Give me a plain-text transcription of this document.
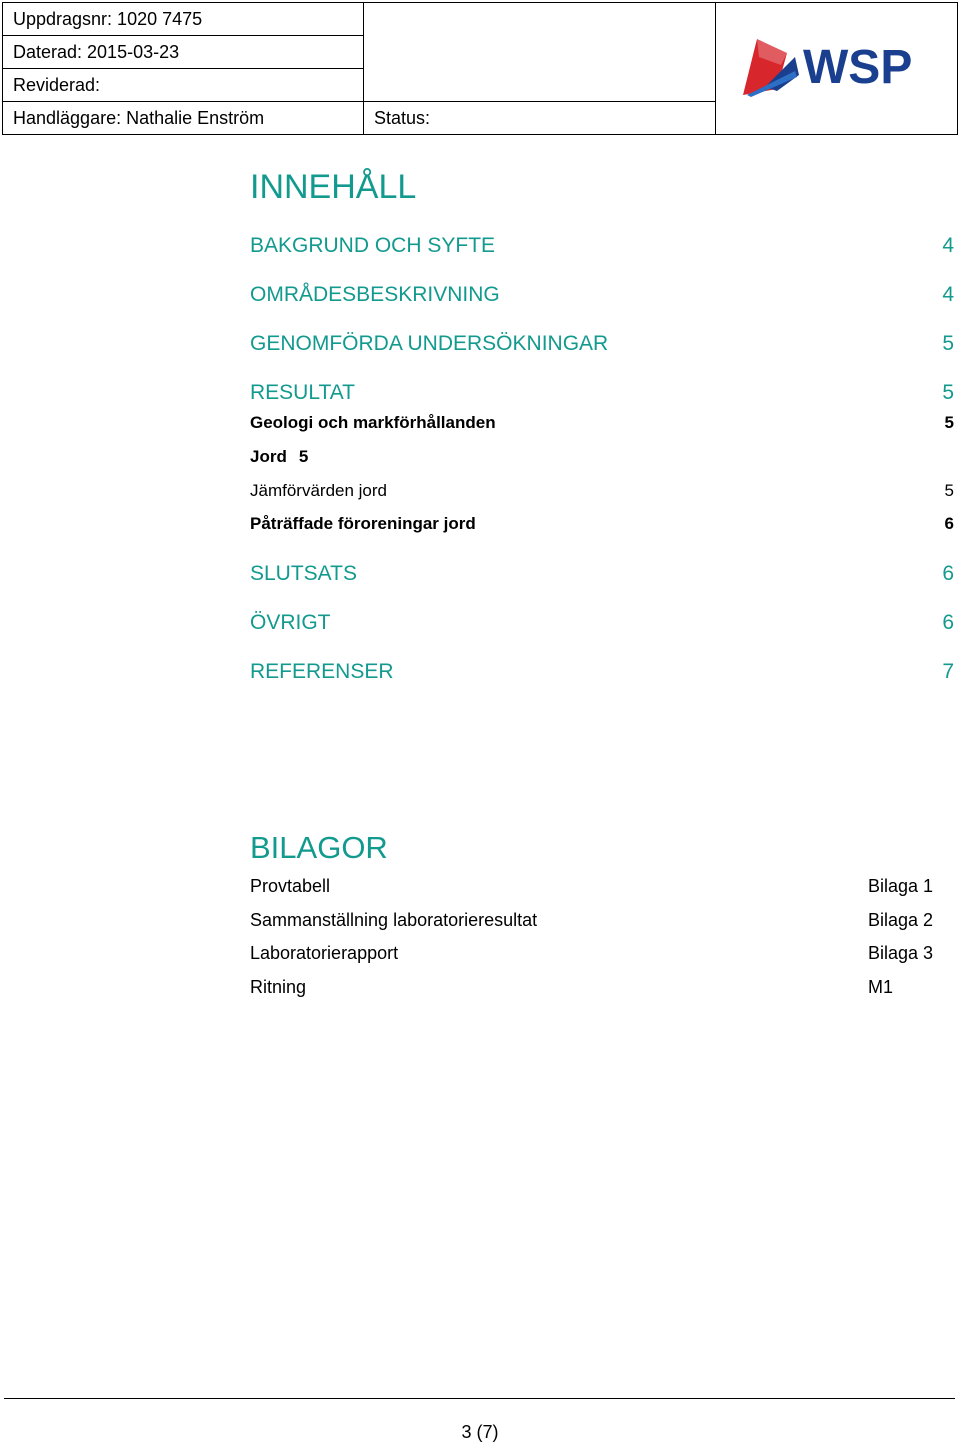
Uppdragsnr: 1020 7475		WSP

Daterad: 2015-03-23		
Reviderad:		
Handläggare: Nathalie Enström	Status:	
INNEHÅLL
BAKGRUND OCH SYFTE	4
OMRÅDESBESKRIVNING	4
GENOMFÖRDA UNDERSÖKNINGAR	5
RESULTAT	5
Geologi och markförhållanden	5
Jord 5
Jämförvärden jord	5
Påträffade föroreningar jord	6
SLUTSATS	6
ÖVRIGT	6
REFERENSER	7
BILAGOR
Provtabell	Bilaga 1
Sammanställning laboratorieresultat	Bilaga 2
Laboratorierapport	Bilaga 3
Ritning	M1
3 (7)
